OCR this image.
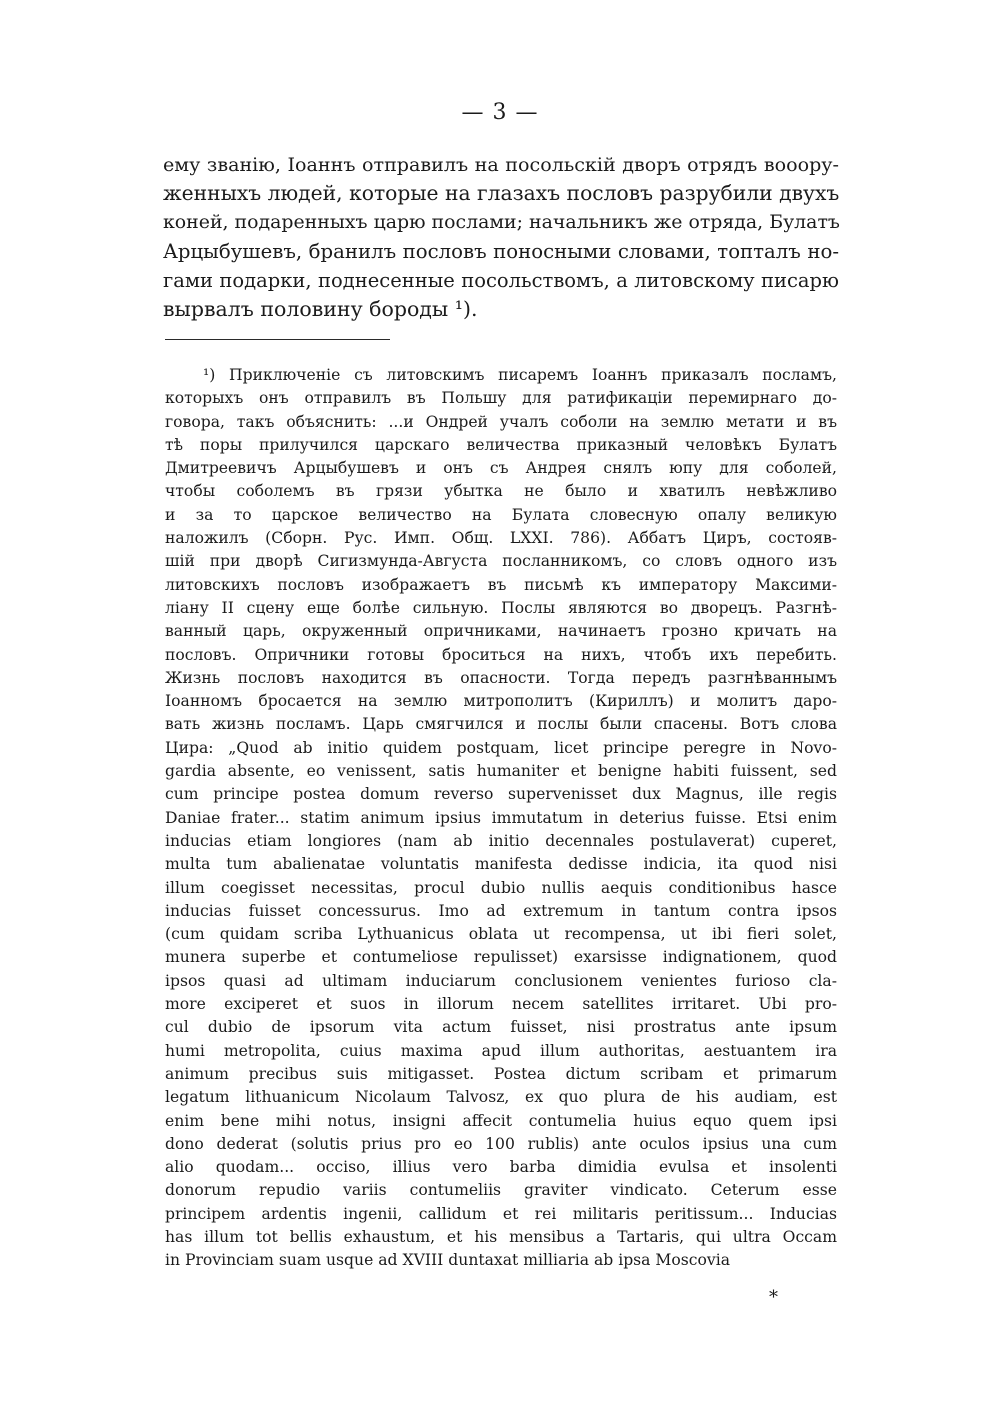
— 3 —
ему званію, Іоаннъ отправилъ на посольскій дворъ отрядъ вооору-
женныхъ людей, которые на глазахъ пословъ разрубили двухъ
коней, подаренныхъ царю послами; начальникъ же отряда, Булатъ
Арцыбушевъ, бранилъ пословъ поносными словами, топталъ но-
гами подарки, поднесенные посольствомъ, а литовскому писарю
вырвалъ половину бороды ¹).
¹) Приключеніе съ литовскимъ писаремъ Іоаннъ приказалъ посламъ,
которыхъ онъ отправилъ въ Польшу для ратификаціи перемирнаго до-
говора, такъ объяснить: ...и Ондрей учалъ соболи на землю метати и въ
тѣ поры прилучился царскаго величества приказный человѣкъ Булатъ
Дмитреевичъ Арцыбушевъ и онъ съ Андрея снялъ юпу для соболей,
чтобы соболемъ въ грязи убытка не было и хватилъ невѣжливо
и за то царское величество на Булата словесную опалу великую
наложилъ (Сборн. Рус. Имп. Общ. LXXI. 786). Аббатъ Циръ, состояв-
шій при дворѣ Сигизмунда-Августа посланникомъ, со словъ одного изъ
литовскихъ пословъ изображаетъ въ письмѣ къ императору Максими-
ліану II сцену еще болѣе сильную. Послы являются во дворецъ. Разгнѣ-
ванный царь, окруженный опричниками, начинаетъ грозно кричать на
пословъ. Опричники готовы броситься на нихъ, чтобъ ихъ перебить.
Жизнь пословъ находится въ опасности. Тогда передъ разгнѣваннымъ
Іоанномъ бросается на землю митрополитъ (Кириллъ) и молитъ даро-
вать жизнь посламъ. Царь смягчился и послы были спасены. Вотъ слова
Цира: „Quod ab initio quidem postquam, licet principe peregre in Novo-
gardia absente, eo venissent, satis humaniter et benigne habiti fuissent, sed
cum principe postea domum reverso supervenisset dux Magnus, ille regis
Daniae frater... statim animum ipsius immutatum in deterius fuisse. Etsi enim
inducias etiam longiores (nam ab initio decennales postulaverat) cuperet,
multa tum abalienatae voluntatis manifesta dedisse indicia, ita quod nisi
illum coegisset necessitas, procul dubio nullis aequis conditionibus hasce
inducias fuisset concessurus. Imo ad extremum in tantum contra ipsos
(cum quidam scriba Lythuanicus oblata ut recompensa, ut ibi fieri solet,
munera superbe et contumeliose repulisset) exarsisse indignationem, quod
ipsos quasi ad ultimam induciarum conclusionem venientes furioso cla-
more exciperet et suos in illorum necem satellites irritaret. Ubi pro-
cul dubio de ipsorum vita actum fuisset, nisi prostratus ante ipsum
humi metropolita, cuius maxima apud illum authoritas, aestuantem ira
animum precibus suis mitigasset. Postea dictum scribam et primarum
legatum lithuanicum Nicolaum Talvosz, ex quo plura de his audiam, est
enim bene mihi notus, insigni affecit contumelia huius equo quem ipsi
dono dederat (solutis prius pro eo 100 rublis) ante oculos ipsius una cum
alio quodam... occiso, illius vero barba dimidia evulsa et insolenti
donorum repudio variis contumeliis graviter vindicato. Ceterum esse
principem ardentis ingenii, callidum et rei militaris peritissum... Inducias
has illum tot bellis exhaustum, et his mensibus a Tartaris, qui ultra Occam
in Provinciam suam usque ad XVIII duntaxat milliaria ab ipsa Moscovia
*
